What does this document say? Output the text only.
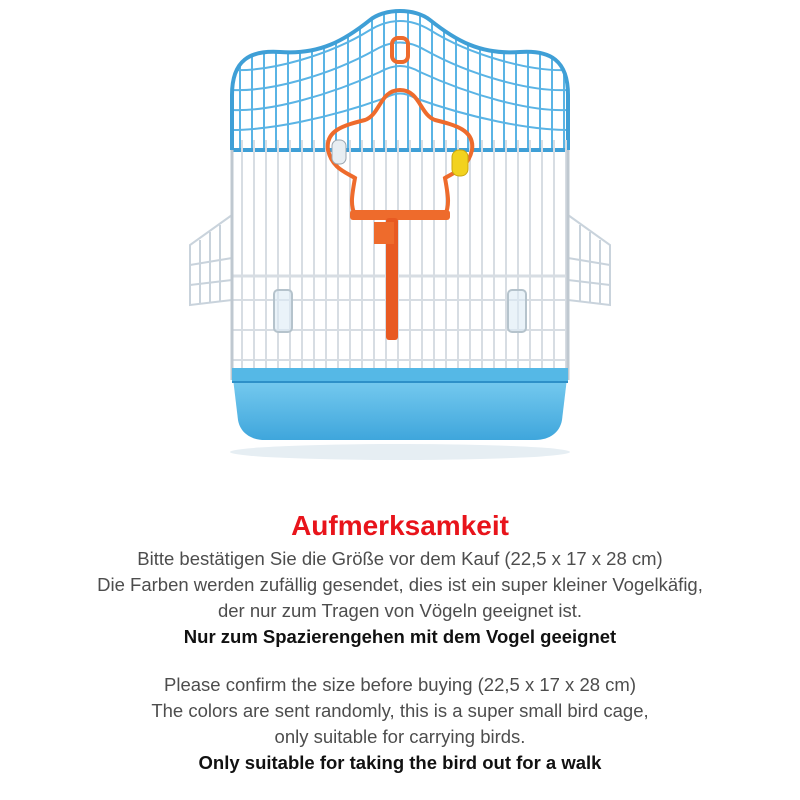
Aufmerksamkeit

Bitte bestätigen Sie die Größe vor dem Kauf (22,5 x 17 x 28 cm)

Die Farben werden zufällig gesendet, dies ist ein super kleiner Vogelkäfig,

der nur zum Tragen von Vögeln geeignet ist.

Nur zum Spazierengehen mit dem Vogel geeignet

Please confirm the size before buying (22,5 x 17 x 28 cm)

The colors are sent randomly, this is a super small bird cage,

only suitable for carrying birds.

Only suitable for taking the bird out for a walk
